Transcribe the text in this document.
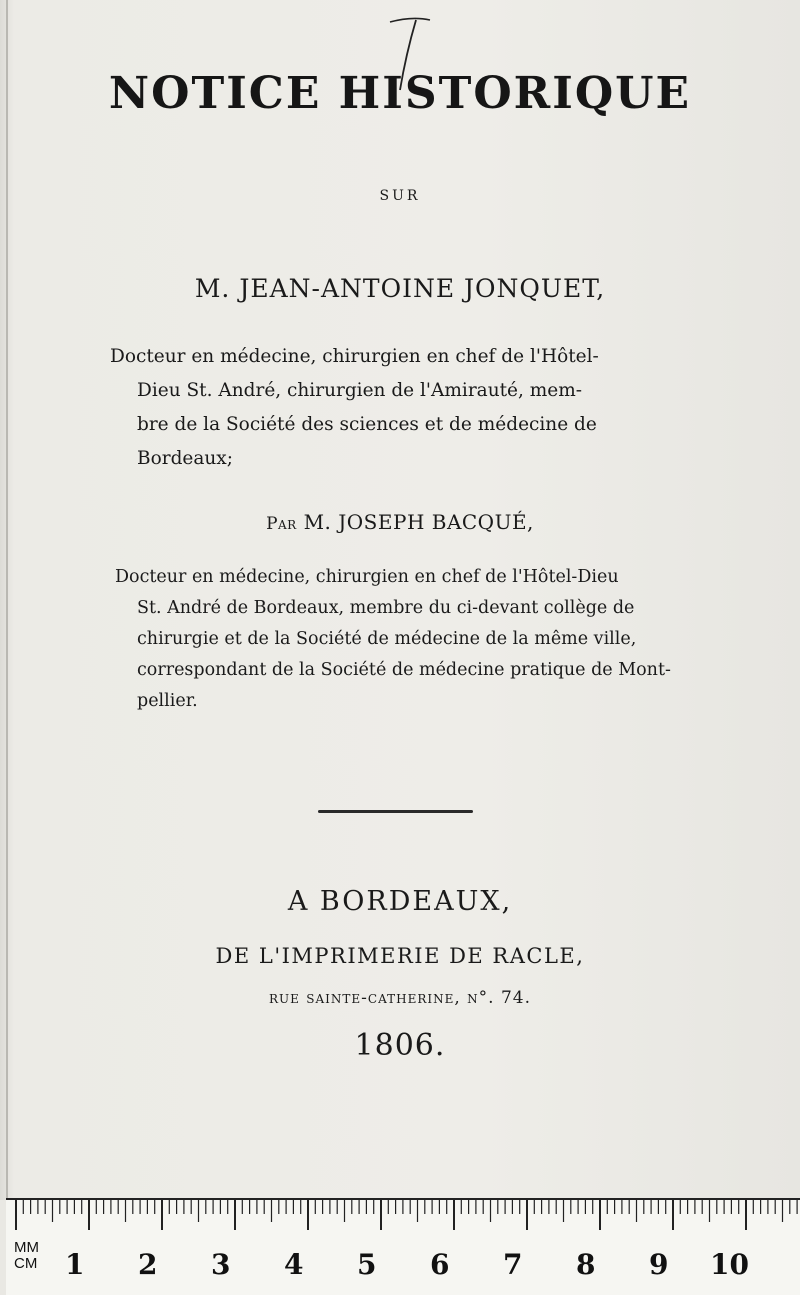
NOTICE HISTORIQUE
SUR
M. JEAN-ANTOINE JONQUET,
Docteur en médecine, chirurgien en chef de l'Hôtel-
Dieu St. André, chirurgien de l'Amirauté, mem-
bre de la Société des sciences et de médecine de
Bordeaux;
Par M. JOSEPH BACQUÉ,
Docteur en médecine, chirurgien en chef de l'Hôtel-Dieu
St. André de Bordeaux, membre du ci-devant collège de
chirurgie et de la Société de médecine de la même ville,
correspondant de la Société de médecine pratique de Mont-
pellier.
A BORDEAUX,
DE L'IMPRIMERIE DE RACLE,
rue sainte-catherine, n°. 74.
1806.
MM
CM 1 2 3 4 5 6 7 8 9 10
